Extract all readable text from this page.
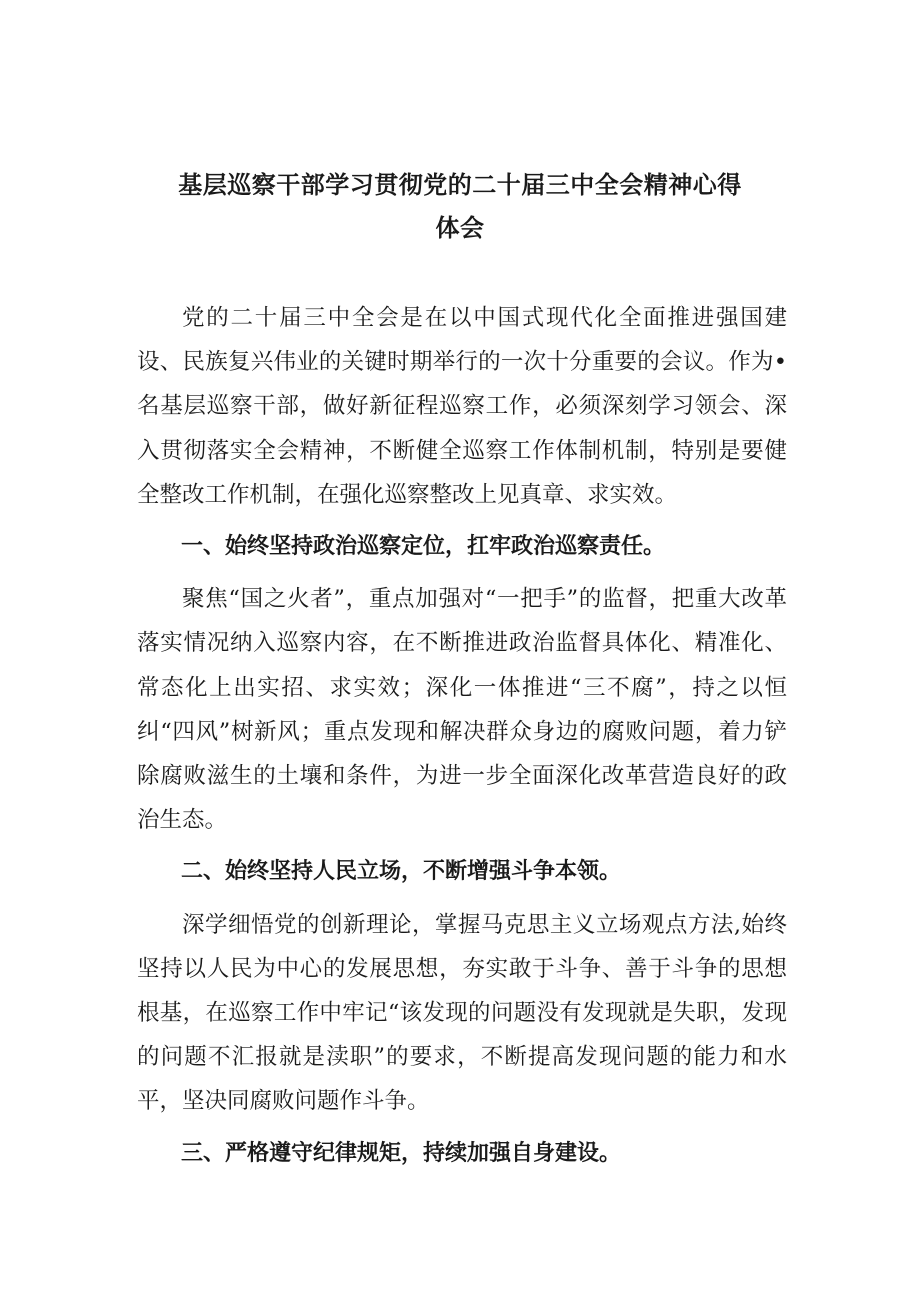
基层巡察干部学习贯彻党的二十届三中全会精神心得
体会

党的二十届三中全会是在以中国式现代化全面推进强国建设、民族复兴伟业的关键时期举行的一次十分重要的会议。作为•名基层巡察干部，做好新征程巡察工作，必须深刻学习领会、深入贯彻落实全会精神，不断健全巡察工作体制机制，特别是要健全整改工作机制，在强化巡察整改上见真章、求实效。

一、始终坚持政治巡察定位，扛牢政治巡察责任。

聚焦“国之火者”，重点加强对“一把手”的监督，把重大改革落实情况纳入巡察内容，在不断推进政治监督具体化、精准化、常态化上出实招、求实效；深化一体推进“三不腐”，持之以恒纠“四风”树新风；重点发现和解决群众身边的腐败问题，着力铲除腐败滋生的土壤和条件，为进一步全面深化改革营造良好的政治生态。

二、始终坚持人民立场，不断增强斗争本领。

深学细悟党的创新理论，掌握马克思主义立场观点方法,始终坚持以人民为中心的发展思想，夯实敢于斗争、善于斗争的思想根基，在巡察工作中牢记“该发现的问题没有发现就是失职，发现的问题不汇报就是渎职”的要求，不断提高发现问题的能力和水平，坚决同腐败问题作斗争。

三、严格遵守纪律规矩，持续加强自身建设。
